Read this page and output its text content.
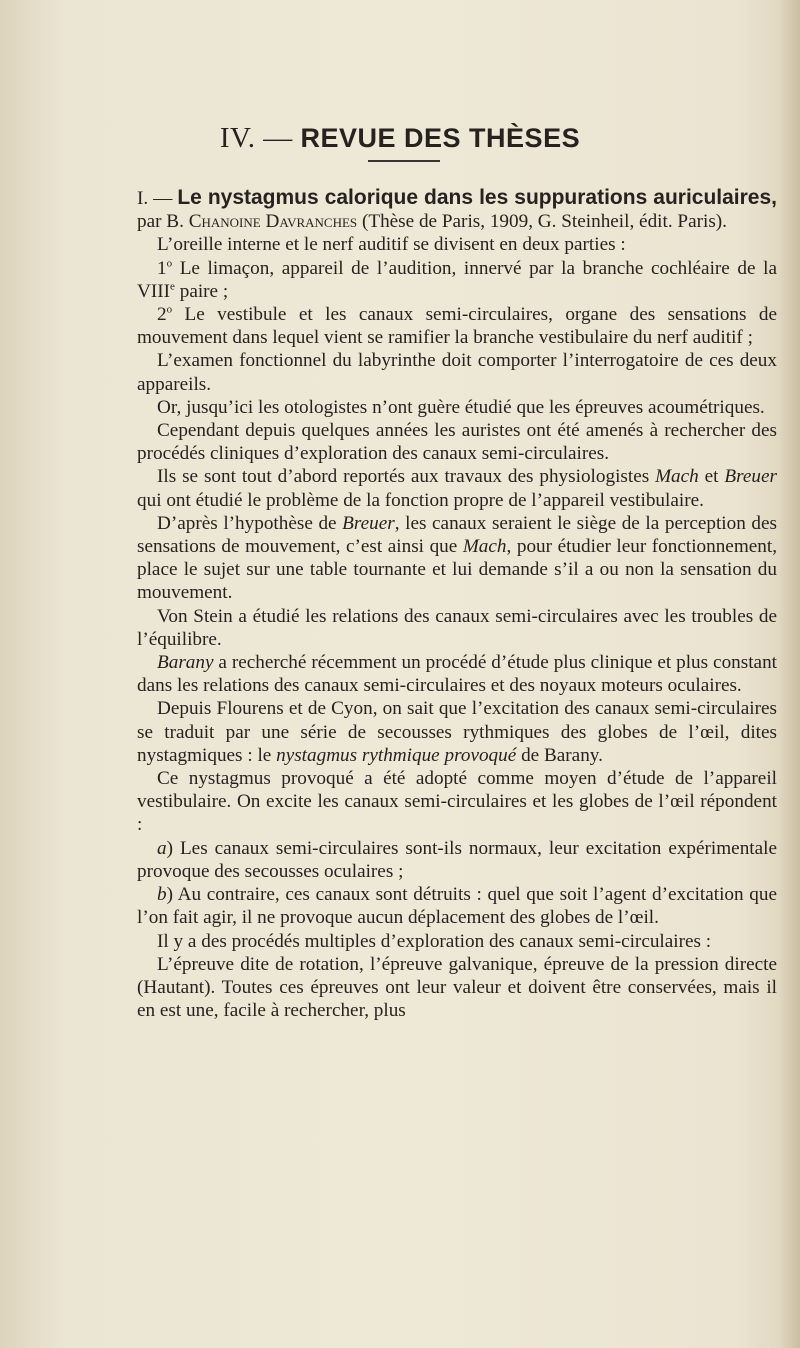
IV. — REVUE DES THÈSES

I. — Le nystagmus calorique dans les suppurations auriculaires, par B. Chanoine Davranches (Thèse de Paris, 1909, G. Steinheil, édit. Paris).

L’oreille interne et le nerf auditif se divisent en deux parties :

1$^o$ Le limaçon, appareil de l’audition, innervé par la branche cochléaire de la VIIIe paire ;

2$^o$ Le vestibule et les canaux semi-circulaires, organe des sensations de mouvement dans lequel vient se ramifier la branche vestibulaire du nerf auditif ;

L’examen fonctionnel du labyrinthe doit comporter l’interrogatoire de ces deux appareils.

Or, jusqu’ici les otologistes n’ont guère étudié que les épreuves acoumétriques.

Cependant depuis quelques années les auristes ont été amenés à rechercher des procédés cliniques d’exploration des canaux semi-circulaires.

Ils se sont tout d’abord reportés aux travaux des physiologistes Mach et Breuer qui ont étudié le problème de la fonction propre de l’appareil vestibulaire.

D’après l’hypothèse de Breuer, les canaux seraient le siège de la perception des sensations de mouvement, c’est ainsi que Mach, pour étudier leur fonctionnement, place le sujet sur une table tournante et lui demande s’il a ou non la sensation du mouvement.

Von Stein a étudié les relations des canaux semi-circulaires avec les troubles de l’équilibre.

Barany a recherché récemment un procédé d’étude plus clinique et plus constant dans les relations des canaux semi-circulaires et des noyaux moteurs oculaires.

Depuis Flourens et de Cyon, on sait que l’excitation des canaux semi-circulaires se traduit par une série de secousses rythmiques des globes de l’œil, dites nystagmiques : le nystagmus rythmique provoqué de Barany.

Ce nystagmus provoqué a été adopté comme moyen d’étude de l’appareil vestibulaire. On excite les canaux semi-circulaires et les globes de l’œil répondent :

a) Les canaux semi-circulaires sont-ils normaux, leur excitation expérimentale provoque des secousses oculaires ;

b) Au contraire, ces canaux sont détruits : quel que soit l’agent d’excitation que l’on fait agir, il ne provoque aucun déplacement des globes de l’œil.

Il y a des procédés multiples d’exploration des canaux semi-circulaires :

L’épreuve dite de rotation, l’épreuve galvanique, épreuve de la pression directe (Hautant). Toutes ces épreuves ont leur valeur et doivent être conservées, mais il en est une, facile à rechercher, plus
